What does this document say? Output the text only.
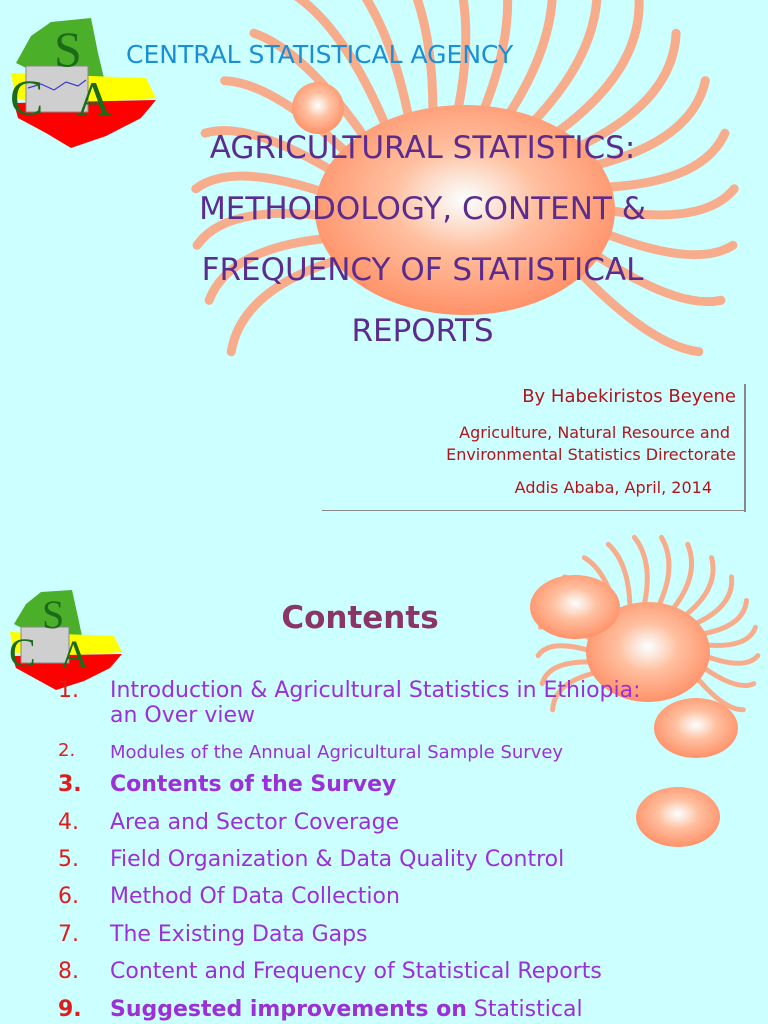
S
C A
CENTRAL STATISTICAL AGENCY
AGRICULTURAL STATISTICS:
METHODOLOGY, CONTENT &
FREQUENCY OF STATISTICAL
REPORTS
By Habekiristos Beyene
Agriculture, Natural Resource and
Environmental Statistics Directorate
Addis Ababa, April, 2014
S
C A
Contents
1. Introduction & Agricultural Statistics in Ethiopia:
an Over view
2. Modules of the Annual Agricultural Sample Survey
3. Contents of the Survey
4. Area and Sector Coverage
5. Field Organization & Data Quality Control
6. Method Of Data Collection
7. The Existing Data Gaps
8. Content and Frequency of Statistical Reports
9. Suggested improvements on Statistical
